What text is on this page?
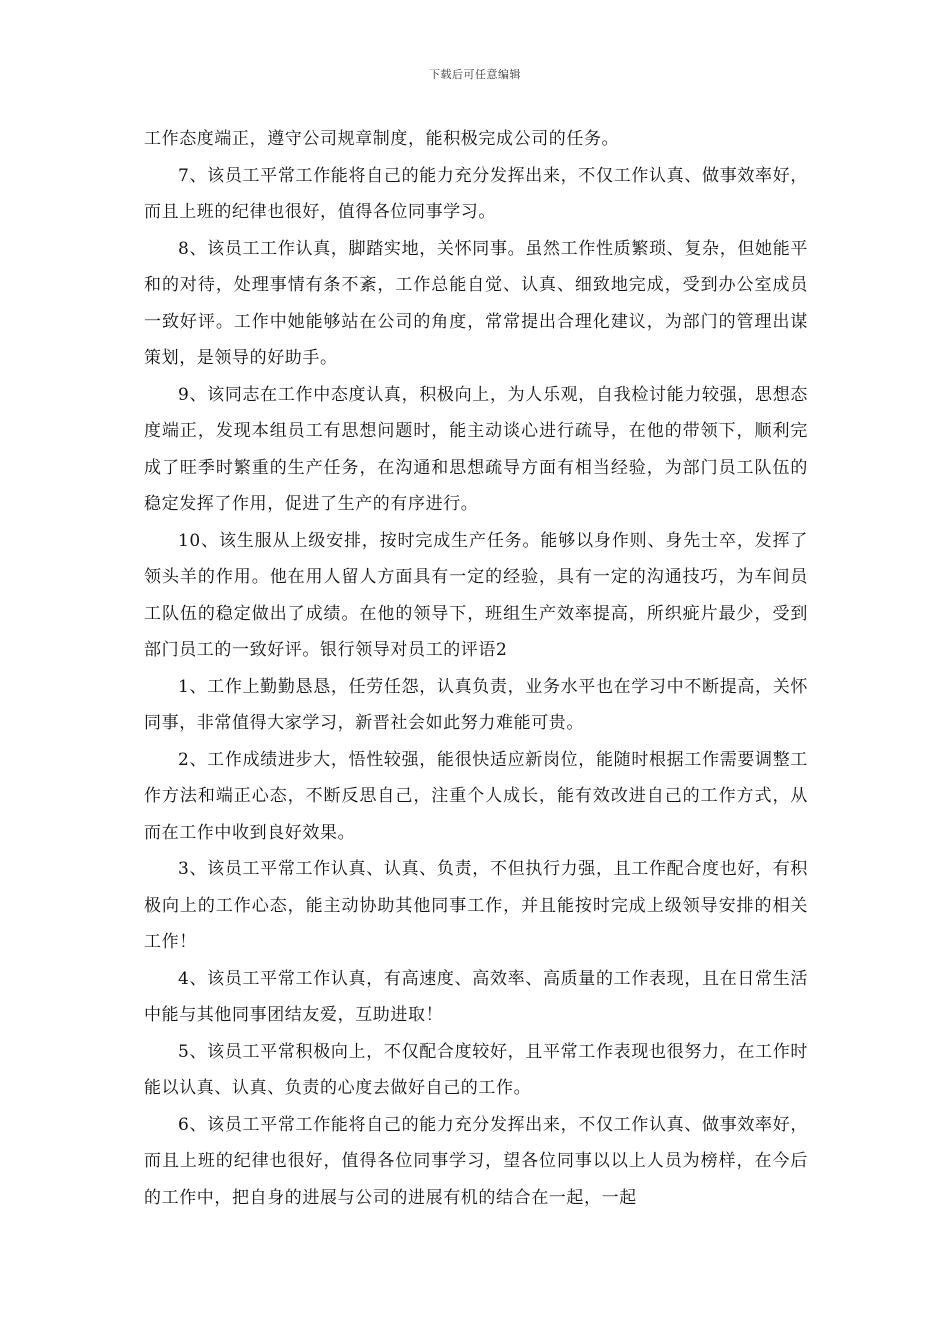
下载后可任意编辑

工作态度端正，遵守公司规章制度，能积极完成公司的任务。

7、该员工平常工作能将自己的能力充分发挥出来，不仅工作认真、做事效率好，而且上班的纪律也很好，值得各位同事学习。

8、该员工工作认真，脚踏实地，关怀同事。虽然工作性质繁琐、复杂，但她能平和的对待，处理事情有条不紊，工作总能自觉、认真、细致地完成，受到办公室成员一致好评。工作中她能够站在公司的角度，常常提出合理化建议，为部门的管理出谋策划，是领导的好助手。

9、该同志在工作中态度认真，积极向上，为人乐观，自我检讨能力较强，思想态度端正，发现本组员工有思想问题时，能主动谈心进行疏导，在他的带领下，顺利完成了旺季时繁重的生产任务，在沟通和思想疏导方面有相当经验，为部门员工队伍的稳定发挥了作用，促进了生产的有序进行。

10、该生服从上级安排，按时完成生产任务。能够以身作则、身先士卒，发挥了领头羊的作用。他在用人留人方面具有一定的经验，具有一定的沟通技巧，为车间员工队伍的稳定做出了成绩。在他的领导下，班组生产效率提高，所织疵片最少，受到部门员工的一致好评。银行领导对员工的评语2

1、工作上勤勤恳恳，任劳任怨，认真负责，业务水平也在学习中不断提高，关怀同事，非常值得大家学习，新晋社会如此努力难能可贵。

2、工作成绩进步大，悟性较强，能很快适应新岗位，能随时根据工作需要调整工作方法和端正心态，不断反思自己，注重个人成长，能有效改进自己的工作方式，从而在工作中收到良好效果。

3、该员工平常工作认真、认真、负责，不但执行力强，且工作配合度也好，有积极向上的工作心态，能主动协助其他同事工作，并且能按时完成上级领导安排的相关工作！

4、该员工平常工作认真，有高速度、高效率、高质量的工作表现，且在日常生活中能与其他同事团结友爱，互助进取！

5、该员工平常积极向上，不仅配合度较好，且平常工作表现也很努力，在工作时能以认真、认真、负责的心度去做好自己的工作。

6、该员工平常工作能将自己的能力充分发挥出来，不仅工作认真、做事效率好，而且上班的纪律也很好，值得各位同事学习，望各位同事以以上人员为榜样，在今后的工作中，把自身的进展与公司的进展有机的结合在一起，一起
